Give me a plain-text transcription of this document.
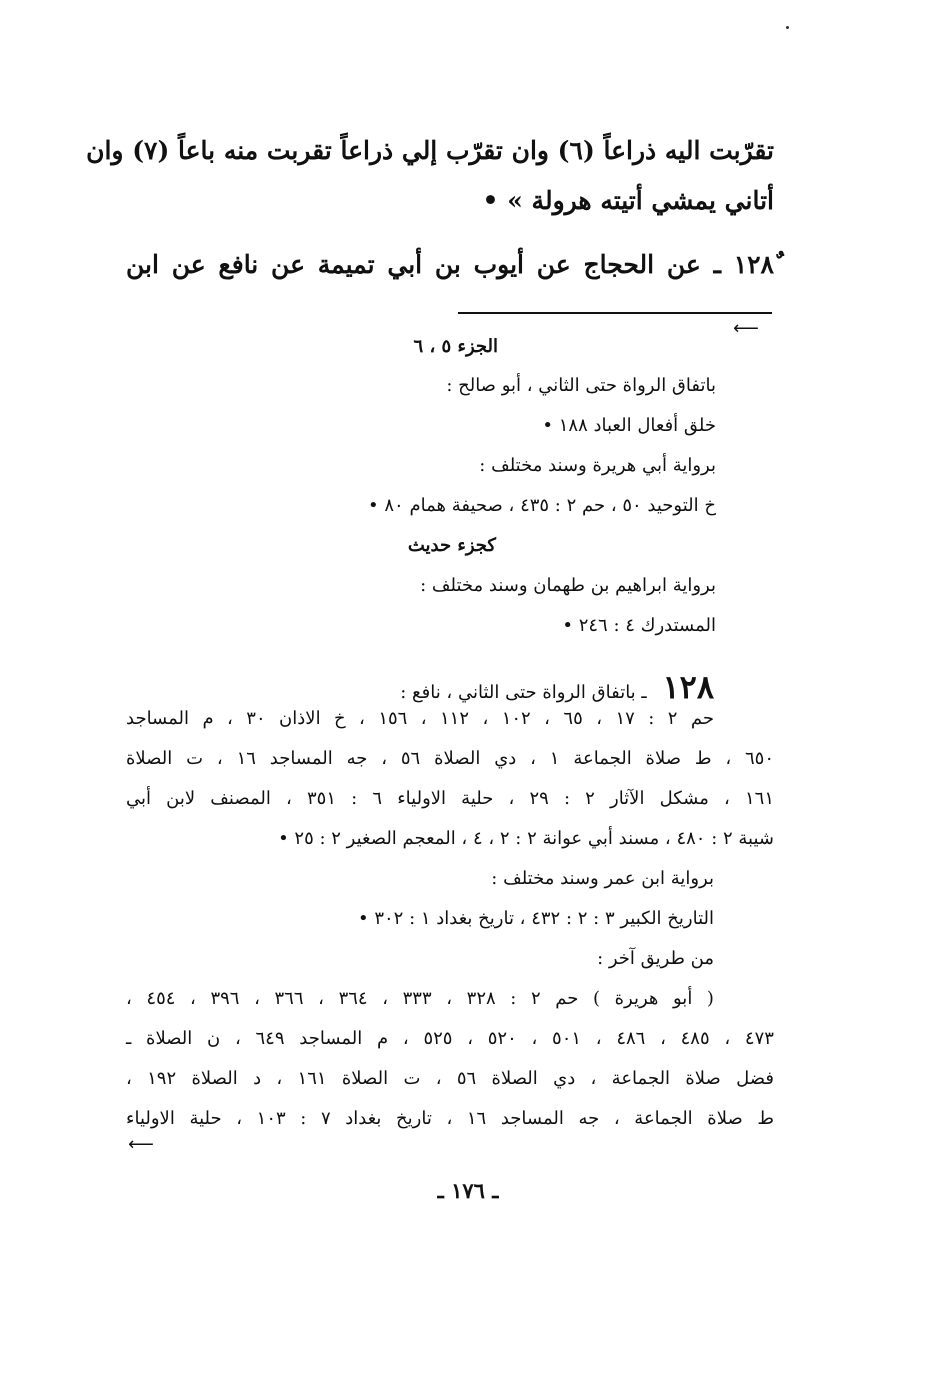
تقرّبت اليه ذراعاً (٦) وان تقرّب إلي ذراعاً تقربت منه باعاً (٧) وان

أتاني يمشي أتيته هرولة » •

١٢٨ٌ ـ عن الحجاج عن أيوب بن أبي تميمة عن نافع عن ابن

⟵

الجزء ٥ ، ٦

باتفاق الرواة حتى الثاني ، أبو صالح :

خلق أفعال العباد ١٨٨ •

برواية أبي هريرة وسند مختلف :

خ التوحيد ٥٠ ، حم ٢ : ٤٣٥ ، صحيفة همام ٨٠ •

كجزء حديث

برواية ابراهيم بن طهمان وسند مختلف :

المستدرك ٤ : ٢٤٦ •

١٢٨ ـ باتفاق الرواة حتى الثاني ، نافع :

حم ٢ : ١٧ ، ٦٥ ، ١٠٢ ، ١١٢ ، ١٥٦ ، خ الاذان ٣٠ ، م المساجد

٦٥٠ ، ط صلاة الجماعة ١ ، دي الصلاة ٥٦ ، جه المساجد ١٦ ، ت الصلاة

١٦١ ، مشكل الآثار ٢ : ٢٩ ، حلية الاولياء ٦ : ٣٥١ ، المصنف لابن أبي

شيبة ٢ : ٤٨٠ ، مسند أبي عوانة ٢ : ٢ ، ٤ ، المعجم الصغير ٢ : ٢٥ •

برواية ابن عمر وسند مختلف :

التاريخ الكبير ٣ : ٢ : ٤٣٢ ، تاريخ بغداد ١ : ٣٠٢ •

من طريق آخر :

( أبو هريرة ) حم ٢ : ٣٢٨ ، ٣٣٣ ، ٣٦٤ ، ٣٦٦ ، ٣٩٦ ، ٤٥٤ ،

٤٧٣ ، ٤٨٥ ، ٤٨٦ ، ٥٠١ ، ٥٢٠ ، ٥٢٥ ، م المساجد ٦٤٩ ، ن الصلاة ـ

فضل صلاة الجماعة ، دي الصلاة ٥٦ ، ت الصلاة ١٦١ ، د الصلاة ١٩٢ ،

ط صلاة الجماعة ، جه المساجد ١٦ ، تاريخ بغداد ٧ : ١٠٣ ، حلية الاولياء

⟵
ـ ١٧٦ ـ
